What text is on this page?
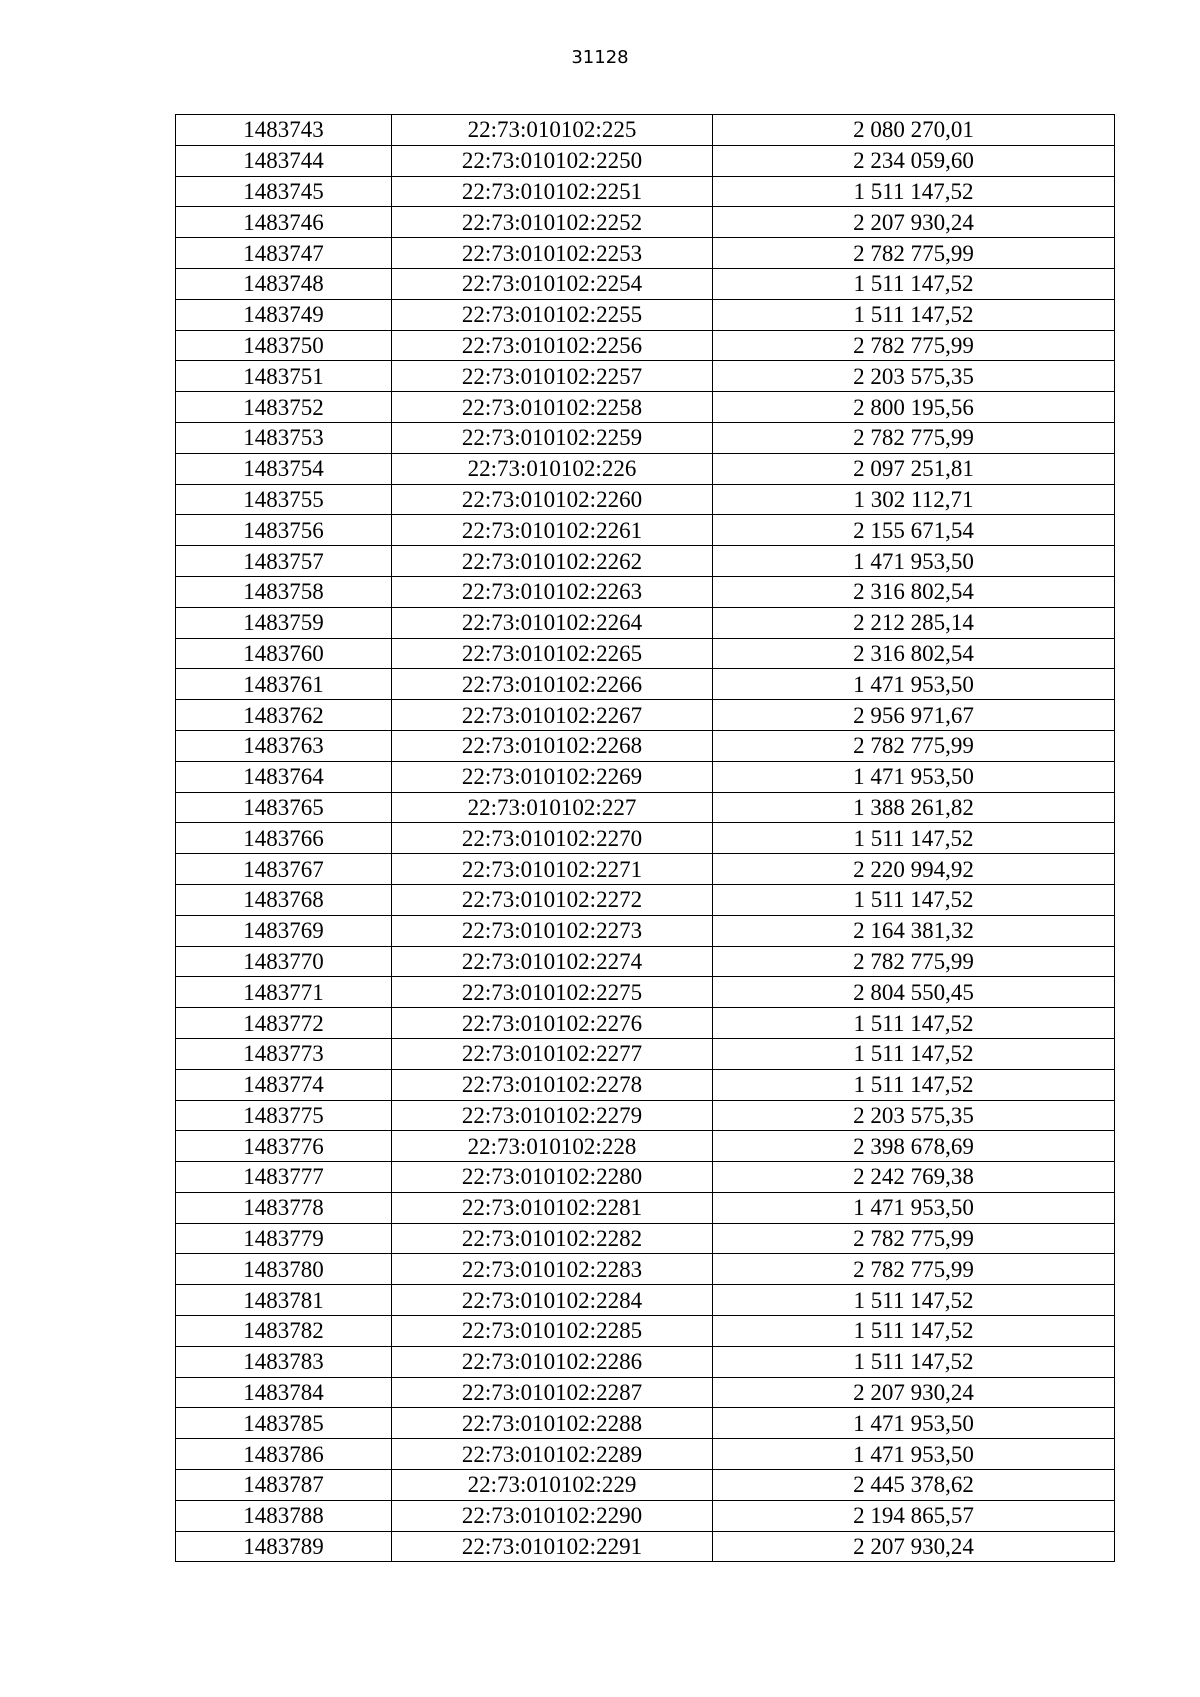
31128
1483743	22:73:010102:225	2 080 270,01
1483744	22:73:010102:2250	2 234 059,60
1483745	22:73:010102:2251	1 511 147,52
1483746	22:73:010102:2252	2 207 930,24
1483747	22:73:010102:2253	2 782 775,99
1483748	22:73:010102:2254	1 511 147,52
1483749	22:73:010102:2255	1 511 147,52
1483750	22:73:010102:2256	2 782 775,99
1483751	22:73:010102:2257	2 203 575,35
1483752	22:73:010102:2258	2 800 195,56
1483753	22:73:010102:2259	2 782 775,99
1483754	22:73:010102:226	2 097 251,81
1483755	22:73:010102:2260	1 302 112,71
1483756	22:73:010102:2261	2 155 671,54
1483757	22:73:010102:2262	1 471 953,50
1483758	22:73:010102:2263	2 316 802,54
1483759	22:73:010102:2264	2 212 285,14
1483760	22:73:010102:2265	2 316 802,54
1483761	22:73:010102:2266	1 471 953,50
1483762	22:73:010102:2267	2 956 971,67
1483763	22:73:010102:2268	2 782 775,99
1483764	22:73:010102:2269	1 471 953,50
1483765	22:73:010102:227	1 388 261,82
1483766	22:73:010102:2270	1 511 147,52
1483767	22:73:010102:2271	2 220 994,92
1483768	22:73:010102:2272	1 511 147,52
1483769	22:73:010102:2273	2 164 381,32
1483770	22:73:010102:2274	2 782 775,99
1483771	22:73:010102:2275	2 804 550,45
1483772	22:73:010102:2276	1 511 147,52
1483773	22:73:010102:2277	1 511 147,52
1483774	22:73:010102:2278	1 511 147,52
1483775	22:73:010102:2279	2 203 575,35
1483776	22:73:010102:228	2 398 678,69
1483777	22:73:010102:2280	2 242 769,38
1483778	22:73:010102:2281	1 471 953,50
1483779	22:73:010102:2282	2 782 775,99
1483780	22:73:010102:2283	2 782 775,99
1483781	22:73:010102:2284	1 511 147,52
1483782	22:73:010102:2285	1 511 147,52
1483783	22:73:010102:2286	1 511 147,52
1483784	22:73:010102:2287	2 207 930,24
1483785	22:73:010102:2288	1 471 953,50
1483786	22:73:010102:2289	1 471 953,50
1483787	22:73:010102:229	2 445 378,62
1483788	22:73:010102:2290	2 194 865,57
1483789	22:73:010102:2291	2 207 930,24
